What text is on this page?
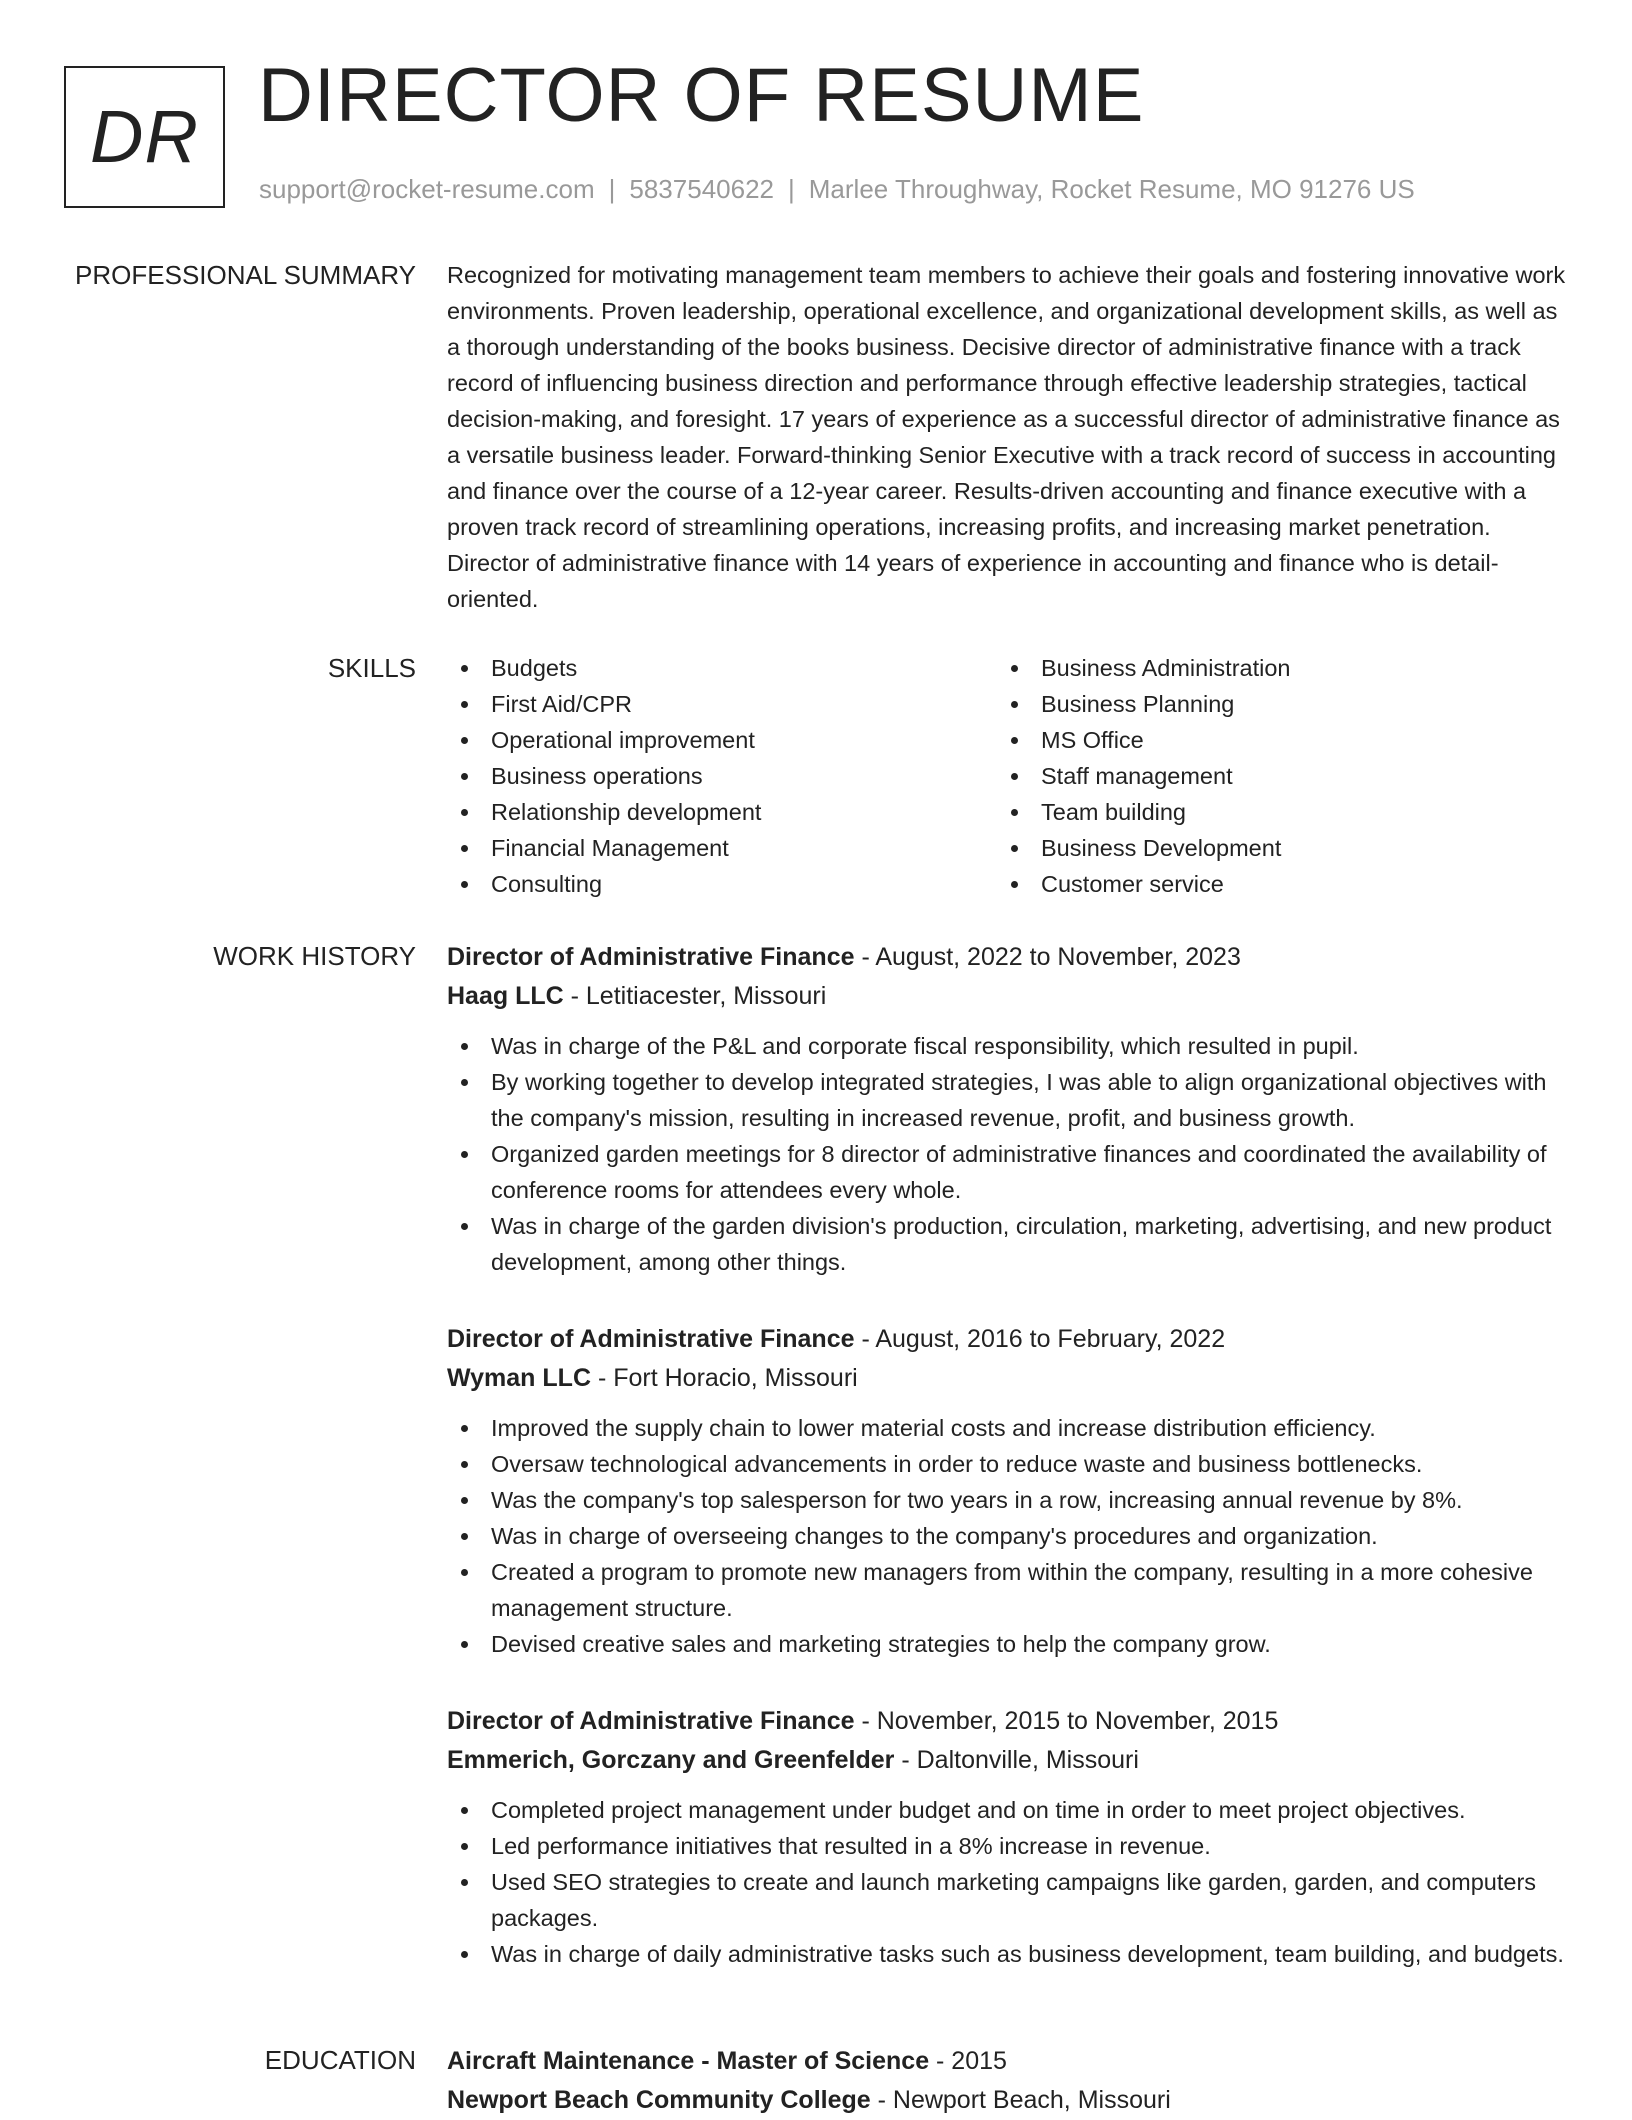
DR DIRECTOR OF RESUME
support@rocket-resume.com | 5837540622 | Marlee Throughway, Rocket Resume, MO 91276 US
PROFESSIONAL SUMMARY Recognized for motivating management team members to achieve their goals and fostering innovative work environments. Proven leadership, operational excellence, and organizational development skills, as well as a thorough understanding of the books business. Decisive director of administrative finance with a track record of influencing business direction and performance through effective leadership strategies, tactical decision-making, and foresight. 17 years of experience as a successful director of administrative finance as a versatile business leader. Forward-thinking Senior Executive with a track record of success in accounting and finance over the course of a 12-year career. Results-driven accounting and finance executive with a proven track record of streamlining operations, increasing profits, and increasing market penetration. Director of administrative finance with 14 years of experience in accounting and finance who is detail-oriented.

SKILLS	Budgets
First Aid/CPR
Operational improvement
Business operations
Relationship development
Financial Management
Consulting
Business Administration
Business Planning
MS Office
Staff management
Team building
Business Development
Customer service
WORK HISTORY Director of Administrative Finance - August, 2022 to November, 2023
Haag LLC - Letitiacester, Missouri
Was in charge of the P&L and corporate fiscal responsibility, which resulted in pupil.
By working together to develop integrated strategies, I was able to align organizational objectives with the company's mission, resulting in increased revenue, profit, and business growth.
Organized garden meetings for 8 director of administrative finances and coordinated the availability of conference rooms for attendees every whole.
Was in charge of the garden division's production, circulation, marketing, advertising, and new product development, among other things.
Director of Administrative Finance - August, 2016 to February, 2022
Wyman LLC - Fort Horacio, Missouri
Improved the supply chain to lower material costs and increase distribution efficiency.
Oversaw technological advancements in order to reduce waste and business bottlenecks.
Was the company's top salesperson for two years in a row, increasing annual revenue by 8%.
Was in charge of overseeing changes to the company's procedures and organization.
Created a program to promote new managers from within the company, resulting in a more cohesive management structure.
Devised creative sales and marketing strategies to help the company grow.
Director of Administrative Finance - November, 2015 to November, 2015
Emmerich, Gorczany and Greenfelder - Daltonville, Missouri
Completed project management under budget and on time in order to meet project objectives.
Led performance initiatives that resulted in a 8% increase in revenue.
Used SEO strategies to create and launch marketing campaigns like garden, garden, and computers packages.
Was in charge of daily administrative tasks such as business development, team building, and budgets.
EDUCATION Aircraft Maintenance - Master of Science - 2015
Newport Beach Community College - Newport Beach, Missouri
